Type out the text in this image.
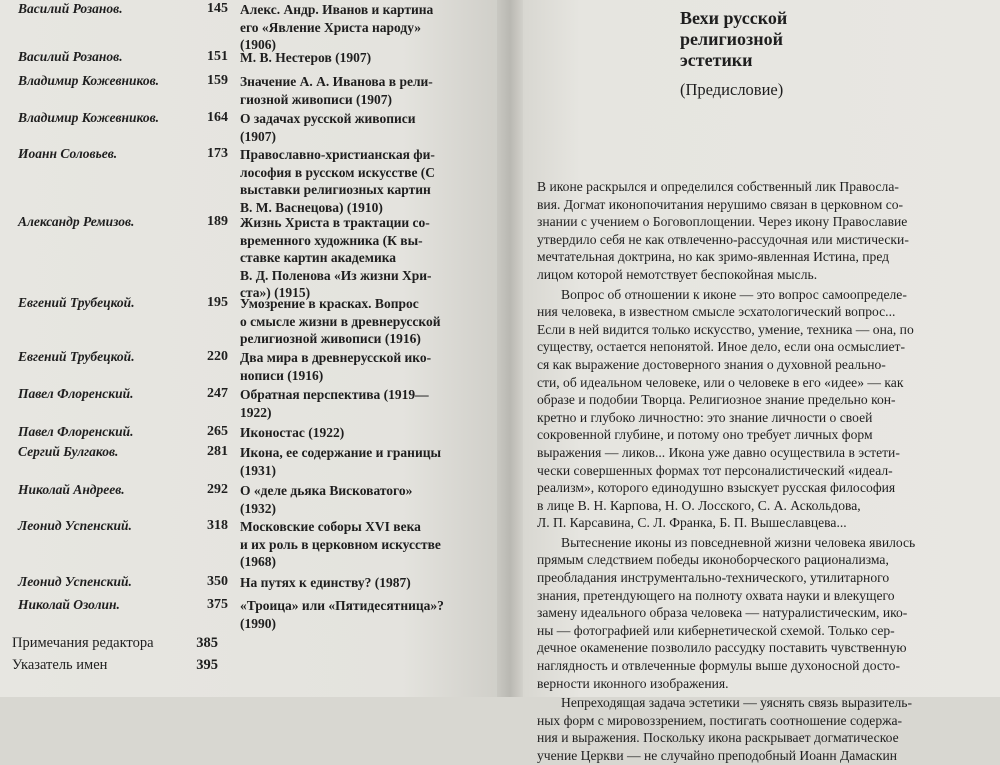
Василий Розанов.	145 Алекс. Андр. Иванов и картина
его «Явление Христа народу»
(1906)
Василий Розанов.	151 М. В. Нестеров (1907)
Владимир Кожевников.	159 Значение А. А. Иванова в рели-
гиозной живописи (1907)
Владимир Кожевников.	164 О задачах русской живописи
(1907)
Иоанн Соловьев.	173 Православно-христианская фи-
лософия в русском искусстве (С
выставки религиозных картин
В. М. Васнецова) (1910)
Александр Ремизов.	189 Жизнь Христа в трактации со-
временного художника (К вы-
ставке картин академика
В. Д. Поленова «Из жизни Хри-
ста») (1915)
Евгений Трубецкой.	195 Умозрение в красках. Вопрос
о смысле жизни в древнерусской
религиозной живописи (1916)
Евгений Трубецкой.	220 Два мира в древнерусской ико-
нописи (1916)
Павел Флоренский.	247 Обратная перспектива (1919—
1922)
Павел Флоренский.	265 Иконостас (1922)
Сергий Булгаков.	281 Икона, ее содержание и границы
(1931)
Николай Андреев.	292 О «деле дьяка Висковатого»
(1932)
Леонид Успенский.	318 Московские соборы XVI века
и их роль в церковном искусстве
(1968)
Леонид Успенский.	350 На путях к единству? (1987)
Николай Озолин.	375 «Троица» или «Пятидесятница»?
(1990)
Примечания редактора	385
Указатель имен	395
Вехи русской
религиозной
эстетики
(Предисловие)
В иконе раскрылся и определился собственный лик Правосла-
вия. Догмат иконопочитания нерушимо связан в церковном со-
знании с учением о Боговоплощении. Через икону Православие
утвердило себя не как отвлеченно-рассудочная или мистически-
мечтательная доктрина, но как зримо-явленная Истина, пред
лицом которой немотствует беспокойная мысль.
Вопрос об отношении к иконе — это вопрос самоопределе-
ния человека, в известном смысле эсхатологический вопрос...
Если в ней видится только искусство, умение, техника — она, по
существу, остается непонятой. Иное дело, если она осмыслиет-
ся как выражение достоверного знания о духовной реально-
сти, об идеальном человеке, или о человеке в его «идее» — как
образе и подобии Творца. Религиозное знание предельно кон-
кретно и глубоко личностно: это знание личности о своей
сокровенной глубине, и потому оно требует личных форм
выражения — ликов... Икона уже давно осуществила в эстети-
чески совершенных формах тот персоналистический «идеал-
реализм», которого единодушно взыскует русская философия
в лице В. Н. Карпова, Н. О. Лосского, С. А. Аскольдова,
Л. П. Карсавина, С. Л. Франка, Б. П. Вышеславцева...
Вытеснение иконы из повседневной жизни человека явилось
прямым следствием победы иконоборческого рационализма,
преобладания инструментально-технического, утилитарного
знания, претендующего на полноту охвата науки и влекущего
замену идеального образа человека — натуралистическим, ико-
ны — фотографией или кибернетической схемой. Только сер-
дечное окаменение позволило рассудку поставить чувственную
наглядность и отвлеченные формулы выше духоносной досто-
верности иконного изображения.
Непреходящая задача эстетики — уяснять связь выразитель-
ных форм с мировоззрением, постигать соотношение содержа-
ния и выражения. Поскольку икона раскрывает догматическое
учение Церкви — не случайно преподобный Иоанн Дамаскин
